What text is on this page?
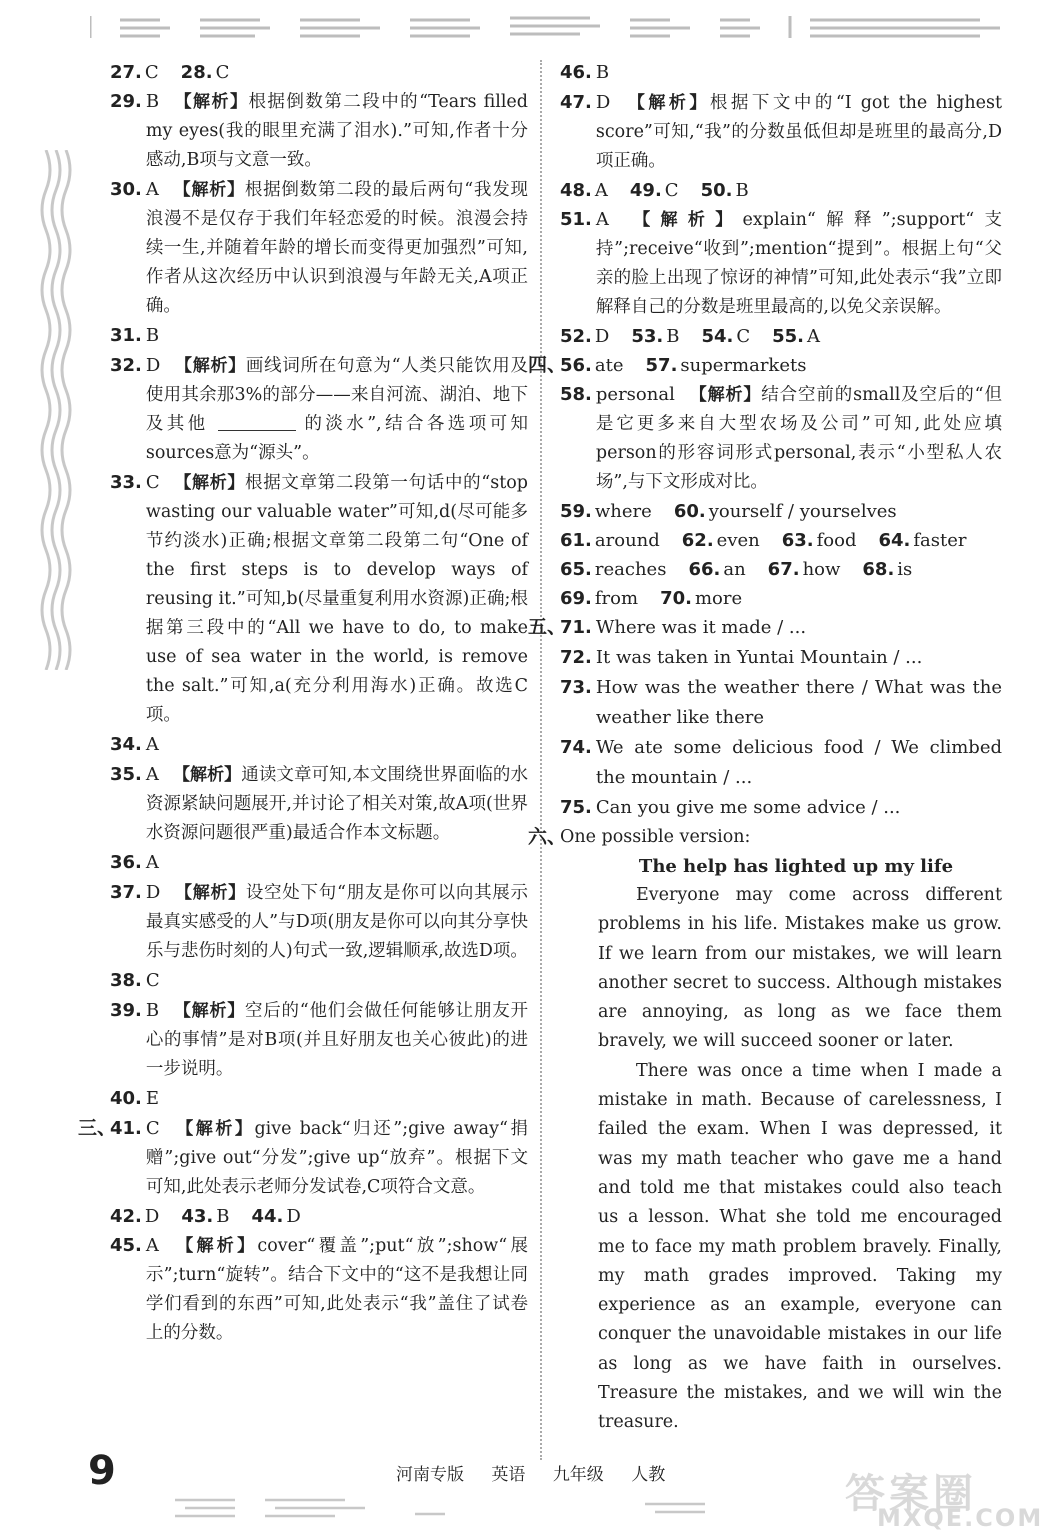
27. C 28. C
29. B 【解析】根据倒数第二段中的“Tears filled my eyes(我的眼里充满了泪水).”可知,作者十分感动,B项与文意一致。
30. A 【解析】根据倒数第二段的最后两句“我发现浪漫不是仅存于我们年轻恋爱的时候。浪漫会持续一生,并随着年龄的增长而变得更加强烈”可知,作者从这次经历中认识到浪漫与年龄无关,A项正确。
31. B
32. D 【解析】画线词所在句意为“人类只能饮用及使用其余那3%的部分——来自河流、湖泊、地下及其他	的淡水”,结合各选项可知sources意为“源头”。
33. C 【解析】根据文章第二段第一句话中的“stop wasting our valuable water”可知,d(尽可能多节约淡水)正确;根据文章第二段第二句“One of the first steps is to develop ways of reusing it.”可知,b(尽量重复利用水资源)正确;根据第三段中的“All we have to do, to make use of sea water in the world, is remove the salt.”可知,a(充分利用海水)正确。故选C项。
34. A
35. A 【解析】通读文章可知,本文围绕世界面临的水资源紧缺问题展开,并讨论了相关对策,故A项(世界水资源问题很严重)最适合作本文标题。
36. A
37. D 【解析】设空处下句“朋友是你可以向其展示最真实感受的人”与D项(朋友是你可以向其分享快乐与悲伤时刻的人)句式一致,逻辑顺承,故选D项。
38. C
39. B 【解析】空后的“他们会做任何能够让朋友开心的事情”是对B项(并且好朋友也关心彼此)的进一步说明。
40. E
三、
41. C 【解析】give back“归还”;give away“捐赠”;give out“分发”;give up“放弃”。根据下文可知,此处表示老师分发试卷,C项符合文意。
42. D 43. B 44. D
45. A 【解析】cover“覆盖”;put“放”;show“展示”;turn“旋转”。结合下文中的“这不是我想让同学们看到的东西”可知,此处表示“我”盖住了试卷上的分数。
46. B
47. D 【解析】根据下文中的“I got the highest score”可知,“我”的分数虽低但却是班里的最高分,D项正确。
48. A 49. C 50. B
51. A 【解析】explain“解释”;support“支持”;receive“收到”;mention“提到”。根据上句“父亲的脸上出现了惊讶的神情”可知,此处表示“我”立即解释自己的分数是班里最高的,以免父亲误解。
52. D 53. B 54. C 55. A
四、
56. ate 57. supermarkets
58. personal 【解析】结合空前的small及空后的“但是它更多来自大型农场及公司”可知,此处应填person的形容词形式personal,表示“小型私人农场”,与下文形成对比。
59. where 60. yourself / yourselves
61. around 62. even 63. food 64. faster
65. reaches 66. an 67. how 68. is
69. from 70. more
五、
71. Where was it made / ...
72. It was taken in Yuntai Mountain / ...
73. How was the weather there / What was the weather like there
74. We ate some delicious food / We climbed the mountain / ...
75. Can you give me some advice / ...
六、
One possible version:
The help has lighted up my life

Everyone may come across different problems in his life. Mistakes make us grow. If we learn from our mistakes, we will learn another secret to success. Although mistakes are annoying, as long as we face them bravely, we will succeed sooner or later.

There was once a time when I made a mistake in math. Because of carelessness, I failed the exam. When I was depressed, it was my math teacher who gave me a hand and told me that mistakes could also teach us a lesson. What she told me encouraged me to face my math problem bravely. Finally, my math grades improved. Taking my experience as an example, everyone can conquer the unavoidable mistakes in our life as long as we have faith in ourselves. Treasure the mistakes, and we will win the treasure.

9	河南专版 英语 九年级 人教	答案圈
MXQE.COM
